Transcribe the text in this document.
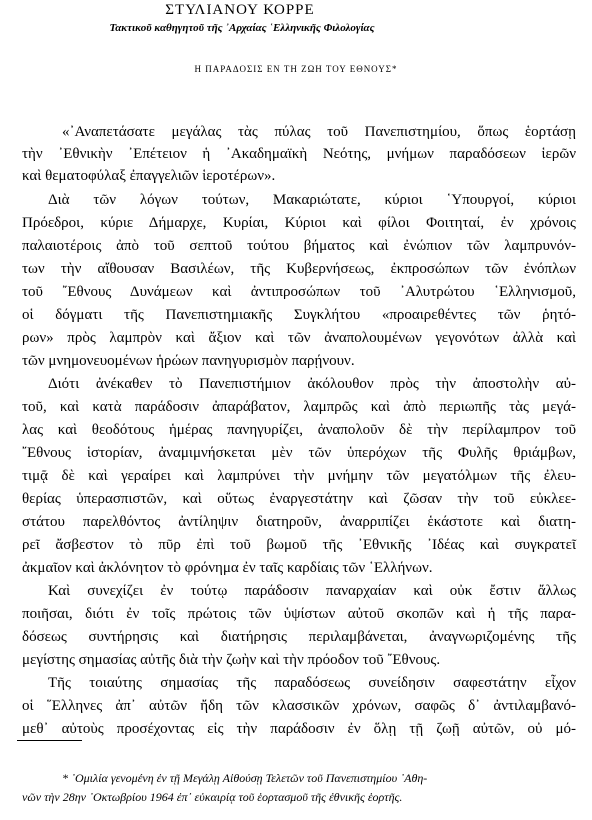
ΣΤΥΛΙΑΝΟΥ ΚΟΡΡΕ
Τακτικοῦ καθηγητοῦ τῆς ᾽Αρχαίας ῾Ελληνικῆς Φιλολογίας
Η ΠΑΡΑΔΟΣΙΣ ΕΝ ΤΗ ΖΩΗ ΤΟΥ ΕΘΝΟΥΣ*
«᾽Αναπετάσατε μεγάλας τὰς πύλας τοῦ Πανεπιστημίου, ὅπως ἑορτάσῃ
τὴν ᾽Εθνικὴν ᾽Επέτειον ἡ ᾽Ακαδημαϊκὴ Νεότης, μνήμων παραδόσεων ἱερῶν
καὶ θεματοφύλαξ ἐπαγγελιῶν ἱεροτέρων».
Διὰ τῶν λόγων τούτων, Μακαριώτατε, κύριοι ῾Υπουργοί, κύριοι
Πρόεδροι, κύριε Δήμαρχε, Κυρίαι, Κύριοι καὶ φίλοι Φοιτηταί, ἐν χρόνοις
παλαιοτέροις ἀπὸ τοῦ σεπτοῦ τούτου βήματος καὶ ἐνώπιον τῶν λαμπρυνόν-
των τὴν αἴθουσαν Βασιλέων, τῆς Κυβερνήσεως, ἐκπροσώπων τῶν ἐνόπλων
τοῦ ῎Εθνους Δυνάμεων καὶ ἀντιπροσώπων τοῦ ᾽Αλυτρώτου ῾Ελληνισμοῦ,
οἱ δόγματι τῆς Πανεπιστημιακῆς Συγκλήτου «προαιρεθέντες τῶν ῥητό-
ρων» πρὸς λαμπρὸν καὶ ἄξιον καὶ τῶν ἀναπολουμένων γεγονότων ἀλλὰ καὶ
τῶν μνημονευομένων ἡρώων πανηγυρισμὸν παρῄνουν.
Διότι ἀνέκαθεν τὸ Πανεπιστήμιον ἀκόλουθον πρὸς τὴν ἀποστολὴν αὐ-
τοῦ, καὶ κατὰ παράδοσιν ἀπαράβατον, λαμπρῶς καὶ ἀπὸ περιωπῆς τὰς μεγά-
λας καὶ θεοδότους ἡμέρας πανηγυρίζει, ἀναπολοῦν δὲ τὴν περίλαμπρον τοῦ
῎Εθνους ἱστορίαν, ἀναμιμνήσκεται μὲν τῶν ὑπερόχων τῆς Φυλῆς θριάμβων,
τιμᾷ δὲ καὶ γεραίρει καὶ λαμπρύνει τὴν μνήμην τῶν μεγατόλμων τῆς ἐλευ-
θερίας ὑπερασπιστῶν, καὶ οὕτως ἐναργεστάτην καὶ ζῶσαν τὴν τοῦ εὐκλεε-
στάτου παρελθόντος ἀντίληψιν διατηροῦν, ἀναρριπίζει ἑκάστοτε καὶ διατη-
ρεῖ ἄσβεστον τὸ πῦρ ἐπὶ τοῦ βωμοῦ τῆς ᾽Εθνικῆς ᾽Ιδέας καὶ συγκρατεῖ
ἀκμαῖον καὶ ἀκλόνητον τὸ φρόνημα ἐν ταῖς καρδίαις τῶν ῾Ελλήνων.
Καὶ συνεχίζει ἐν τούτῳ παράδοσιν παναρχαίαν καὶ οὐκ ἔστιν ἄλλως
ποιῆσαι, διότι ἐν τοῖς πρώτοις τῶν ὑψίστων αὐτοῦ σκοπῶν καὶ ἡ τῆς παρα-
δόσεως συντήρησις καὶ διατήρησις περιλαμβάνεται, ἀναγνωριζομένης τῆς
μεγίστης σημασίας αὐτῆς διὰ τὴν ζωὴν καὶ τὴν πρόοδον τοῦ ῎Εθνους.
Τῆς τοιαύτης σημασίας τῆς παραδόσεως συνείδησιν σαφεστάτην εἶχον
οἱ ῞Ελληνες ἀπ᾽ αὐτῶν ἤδη τῶν κλασσικῶν χρόνων, σαφῶς δ᾽ ἀντιλαμβανό-
μεθ᾽ αὐτοὺς προσέχοντας εἰς τὴν παράδοσιν ἐν ὅλῃ τῇ ζωῇ αὐτῶν, οὐ μό-
* ᾽Ομιλία γενομένη ἐν τῇ Μεγάλῃ Αἰθούσῃ Τελετῶν τοῦ Πανεπιστημίου ᾽Αθη-
νῶν τὴν 28ην ᾽Οκτωβρίου 1964 ἐπ᾽ εὐκαιρίᾳ τοῦ ἑορτασμοῦ τῆς ἐθνικῆς ἑορτῆς.
